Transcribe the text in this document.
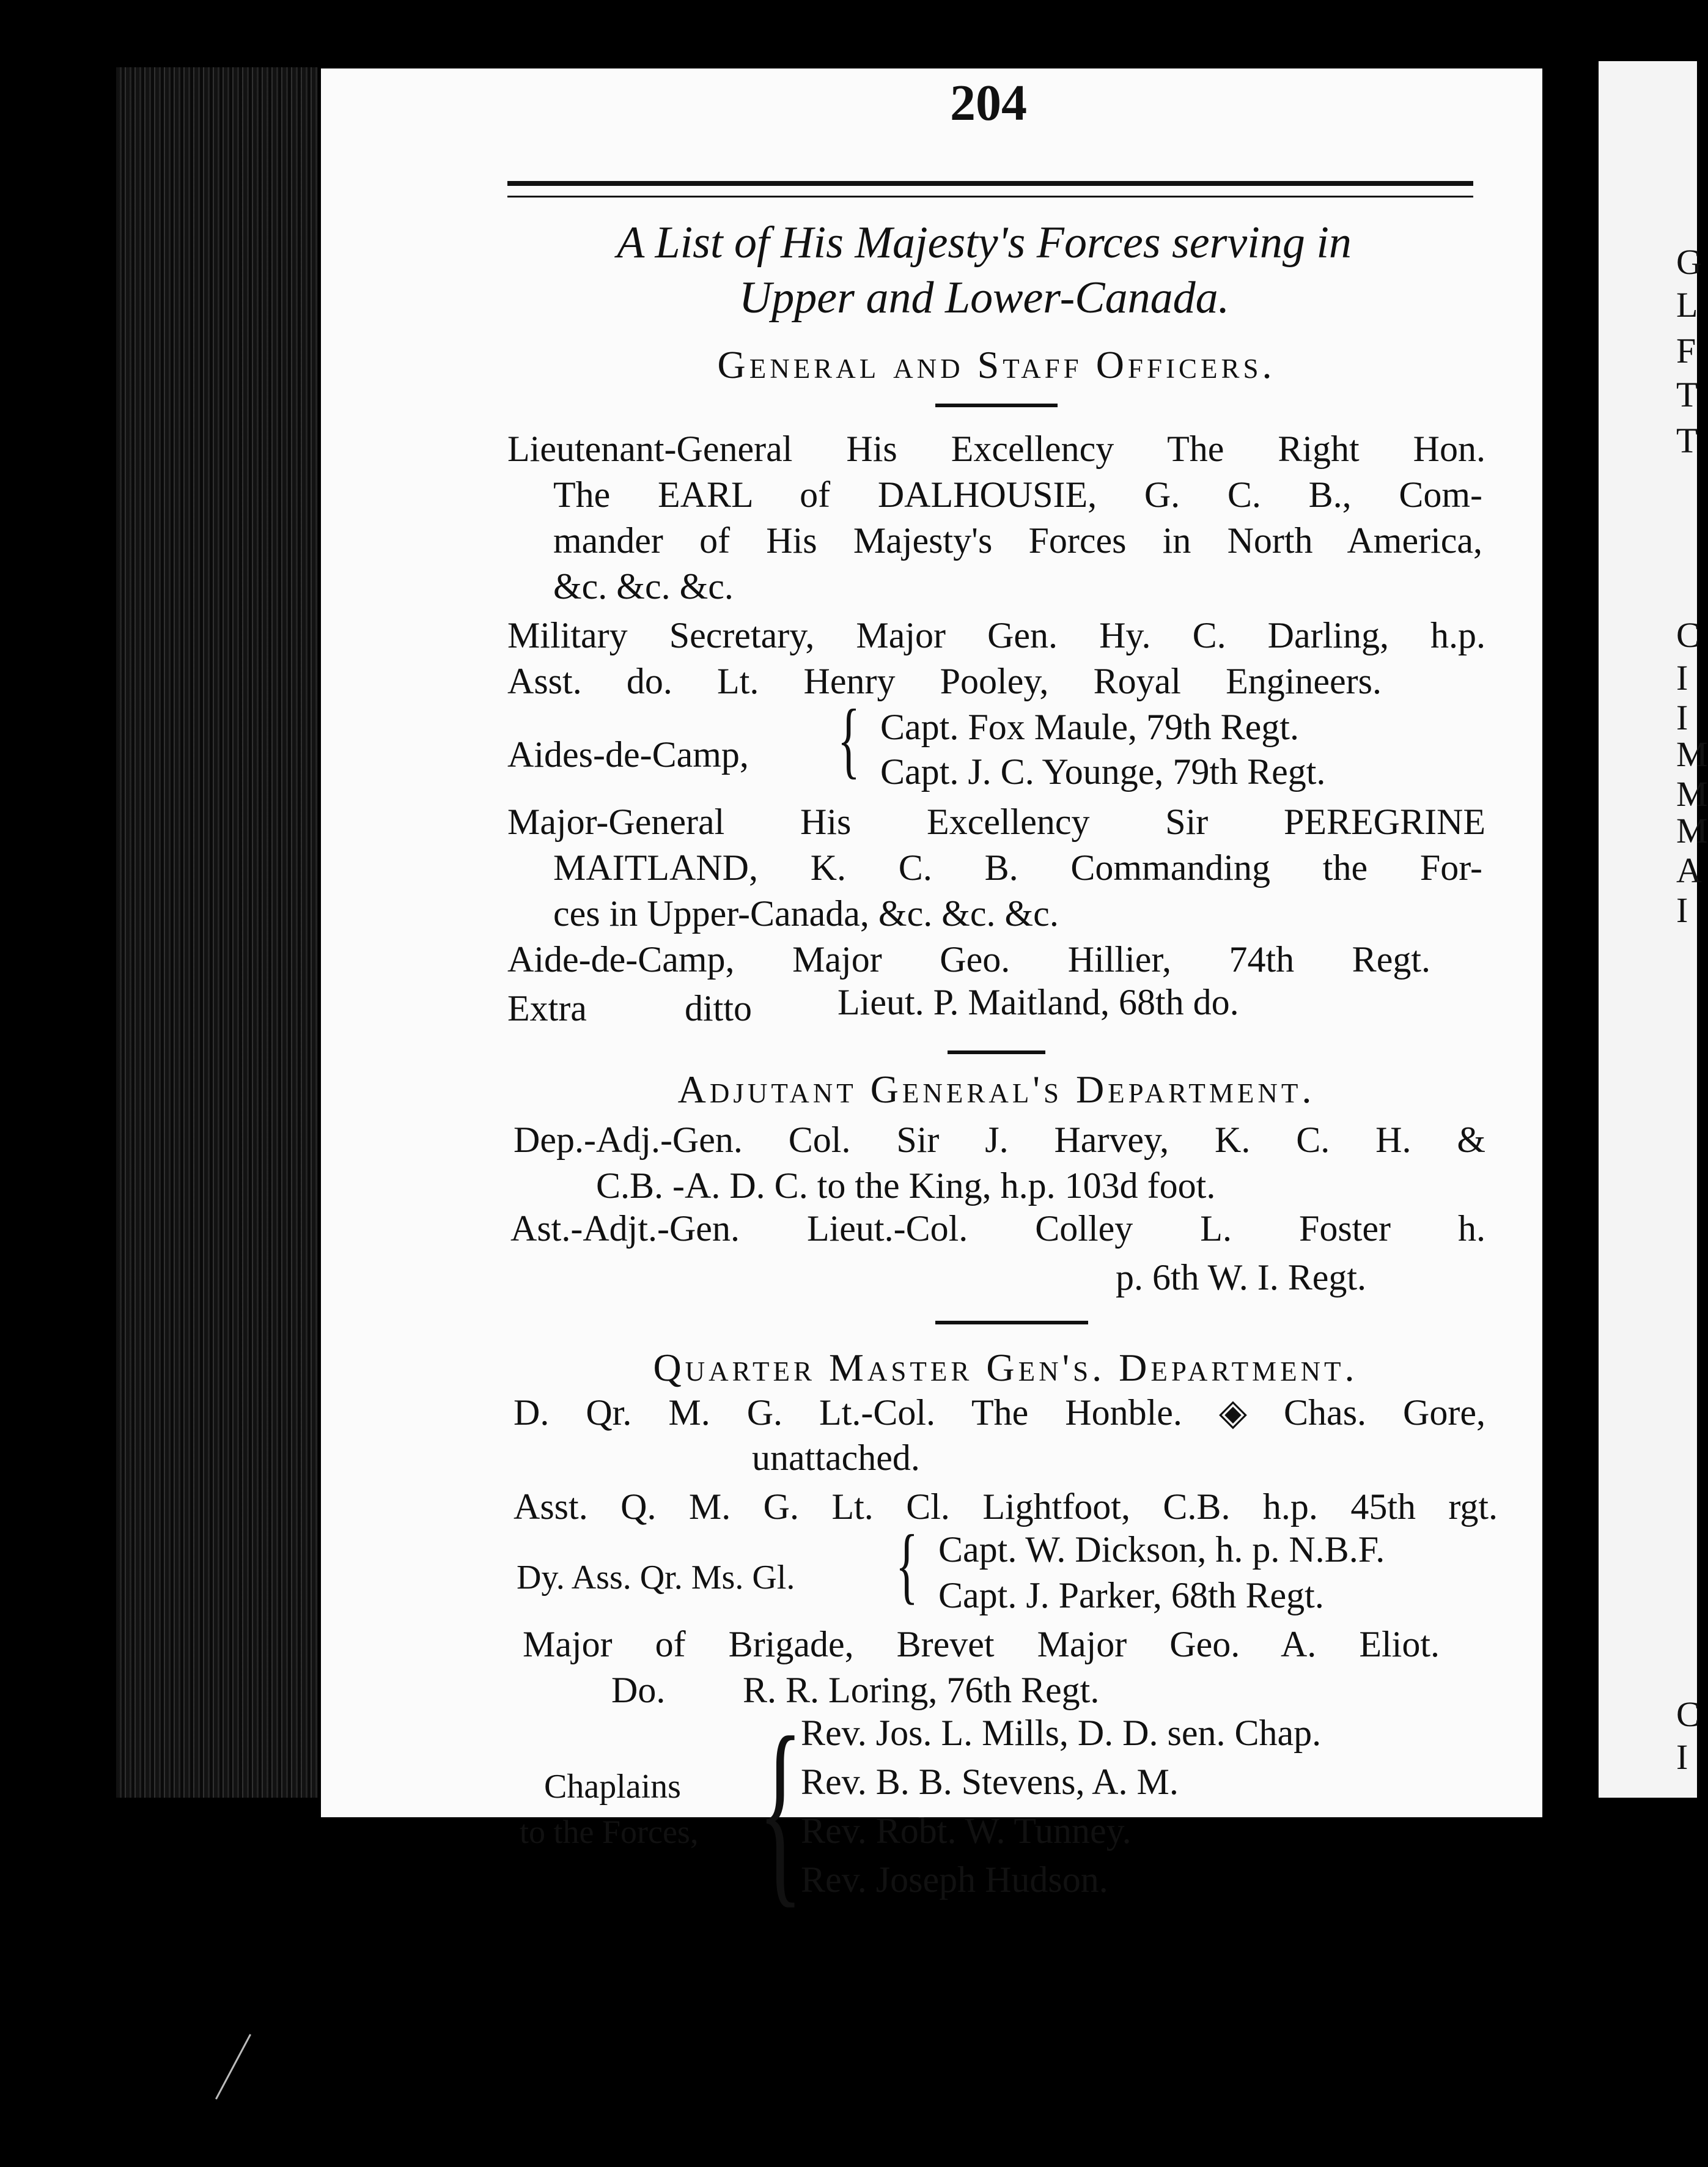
G
L
F
T
T
C
I
I
M
M
M
A
I
C
I
204
A List of His Majesty's Forces serving in
Upper and Lower-Canada.
General and Staff Officers.
Lieutenant-General His Excellency The Right Hon.
The EARL of DALHOUSIE, G. C. B., Com-
mander of His Majesty's Forces in North America,
&c. &c. &c.
Military Secretary, Major Gen. Hy. C. Darling, h.p.
Asst. do. Lt. Henry Pooley, Royal Engineers.
Aides-de-Camp, { Capt. Fox Maule, 79th Regt.
Capt. J. C. Younge, 79th Regt.
Major-General His Excellency Sir PEREGRINE
MAITLAND, K. C. B. Commanding the For-
ces in Upper-Canada, &c. &c. &c.
Aide-de-Camp, Major Geo. Hillier, 74th Regt.
Extra	ditto Lieut. P. Maitland, 68th do.
Adjutant General's Department.
Dep.-Adj.-Gen. Col. Sir J. Harvey, K. C. H. &
C.B. -A. D. C. to the King, h.p. 103d foot.
Ast.-Adjt.-Gen. Lieut.-Col. Colley L. Foster h.
p. 6th W. I. Regt.
Quarter Master Gen's. Department.
D. Qr. M. G. Lt.-Col. The Honble. ◈ Chas. Gore,
unattached.
Asst. Q. M. G. Lt. Cl. Lightfoot, C.B. h.p. 45th rgt.
Dy. Ass. Qr. Ms. Gl. { Capt. W. Dickson, h. p. N.B.F.
Capt. J. Parker, 68th Regt.
Major of Brigade, Brevet Major Geo. A. Eliot.
Do. R. R. Loring, 76th Regt.
Chaplains
to the Forces, {
Rev. Jos. L. Mills, D. D. sen. Chap.
Rev. B. B. Stevens, A. M.
Rev. Robt. W. Tunney.
Rev. Joseph Hudson.
